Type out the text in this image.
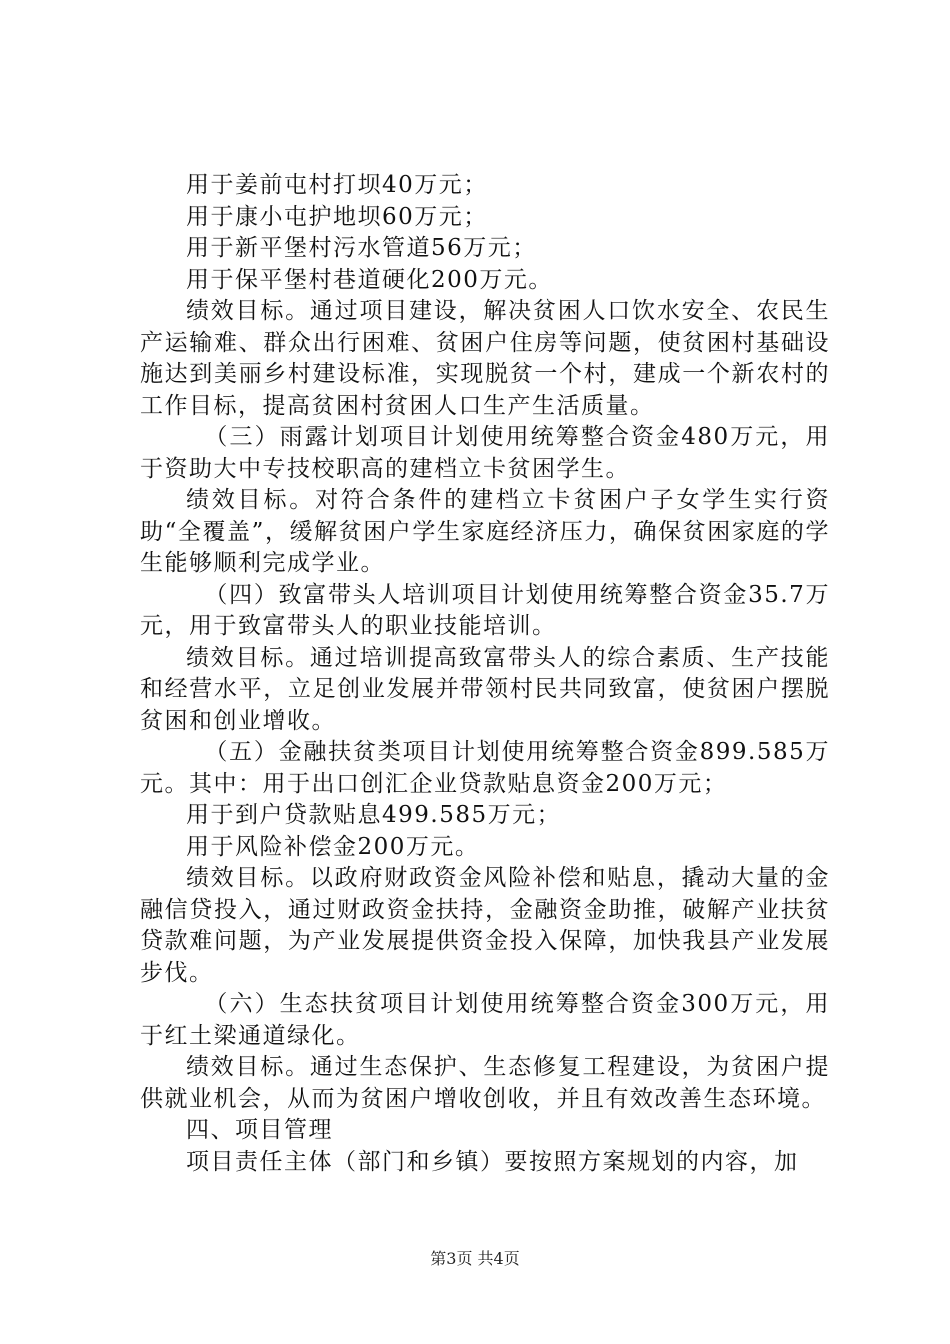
用于姜前屯村打坝40万元；

用于康小屯护地坝60万元；

用于新平堡村污水管道56万元；

用于保平堡村巷道硬化200万元。

绩效目标。通过项目建设，解决贫困人口饮水安全、农民生产运输难、群众出行困难、贫困户住房等问题，使贫困村基础设施达到美丽乡村建设标准，实现脱贫一个村，建成一个新农村的工作目标，提高贫困村贫困人口生产生活质量。

（三）雨露计划项目计划使用统筹整合资金480万元，用于资助大中专技校职高的建档立卡贫困学生。

绩效目标。对符合条件的建档立卡贫困户子女学生实行资助“全覆盖”，缓解贫困户学生家庭经济压力，确保贫困家庭的学生能够顺利完成学业。

（四）致富带头人培训项目计划使用统筹整合资金35.7万元，用于致富带头人的职业技能培训。

绩效目标。通过培训提高致富带头人的综合素质、生产技能和经营水平，立足创业发展并带领村民共同致富，使贫困户摆脱贫困和创业增收。

（五）金融扶贫类项目计划使用统筹整合资金899.585万元。其中：用于出口创汇企业贷款贴息资金200万元；

用于到户贷款贴息499.585万元；

用于风险补偿金200万元。

绩效目标。以政府财政资金风险补偿和贴息，撬动大量的金融信贷投入，通过财政资金扶持，金融资金助推，破解产业扶贫贷款难问题，为产业发展提供资金投入保障，加快我县产业发展步伐。

（六）生态扶贫项目计划使用统筹整合资金300万元，用于红土梁通道绿化。

绩效目标。通过生态保护、生态修复工程建设，为贫困户提供就业机会，从而为贫困户增收创收，并且有效改善生态环境。

四、项目管理

项目责任主体（部门和乡镇）要按照方案规划的内容，加

第3页 共4页
